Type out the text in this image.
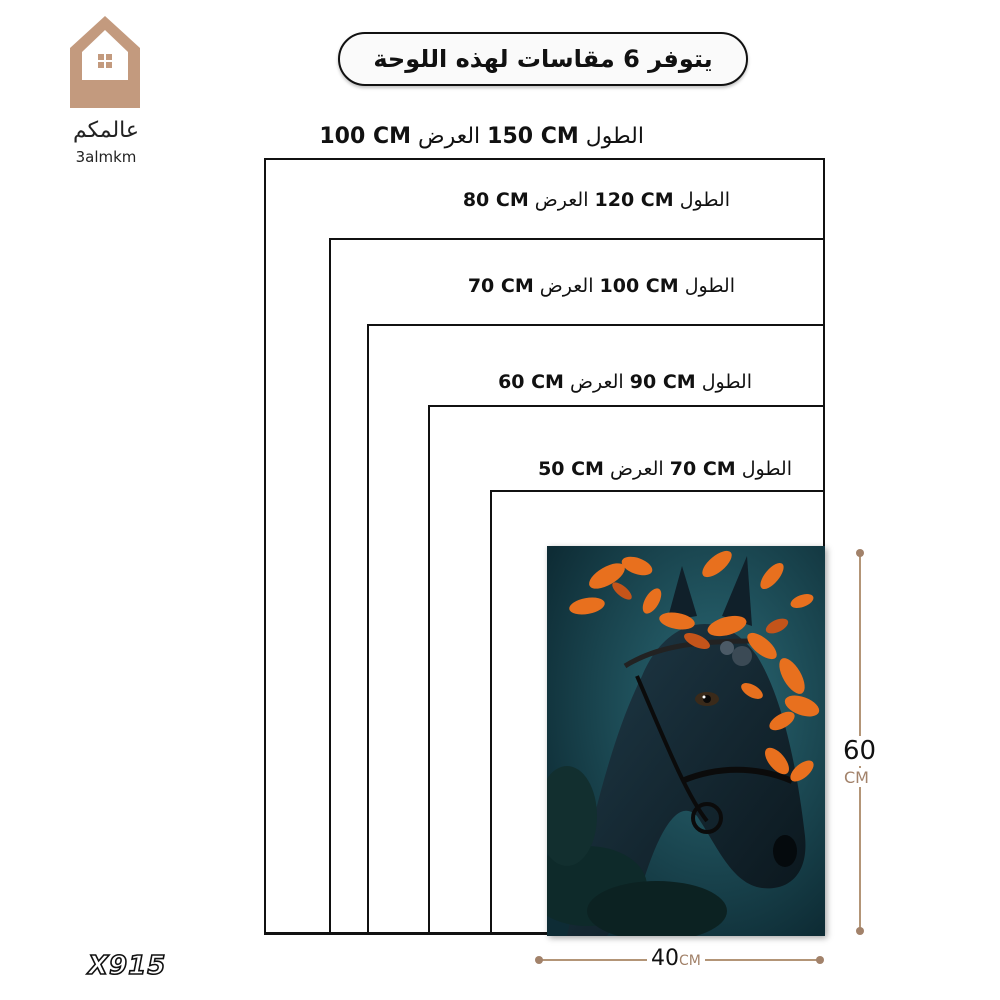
عالمكم
3almkm
يتوفر 6 مقاسات لهذه اللوحة
الطول 150 CM العرض 100 CM
الطول 120 CM العرض 80 CM
الطول 100 CM العرض 70 CM
الطول 90 CM العرض 60 CM
الطول 70 CM العرض 50 CM
60
CM
40CM
X915
